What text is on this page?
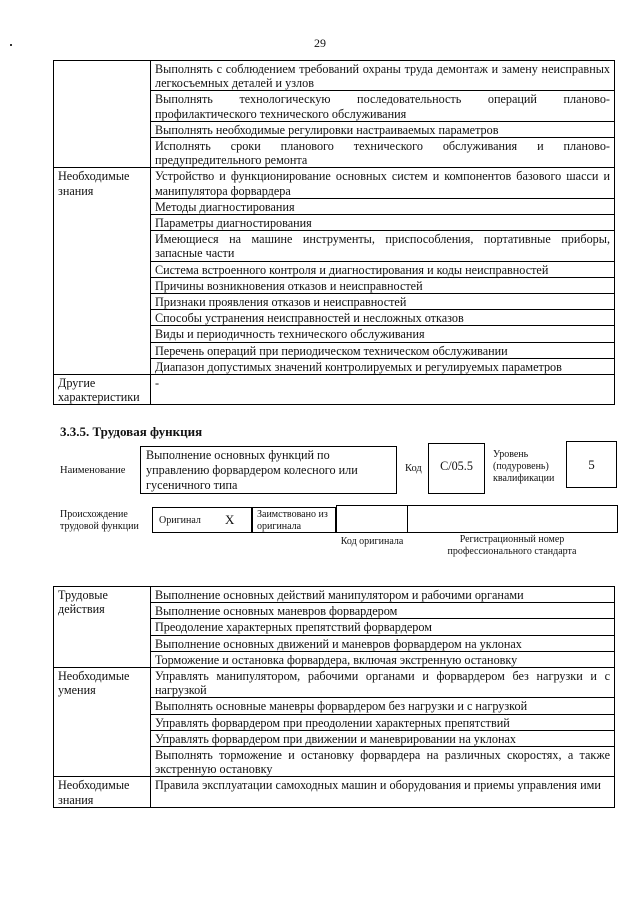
29
	Выполнять с соблюдением требований охраны труда демонтаж и замену неисправных легкосъемных деталей и узлов
	Выполнять технологическую последовательность операций планово-профилактического технического обслуживания
	Выполнять необходимые регулировки настраиваемых параметров
	Исполнять сроки планового технического обслуживания и планово-предупредительного ремонта
Необходимые знания	Устройство и функционирование основных систем и компонентов базового шасси и манипулятора форвардера
	Методы диагностирования
	Параметры диагностирования
	Имеющиеся на машине инструменты, приспособления, портативные приборы, запасные части
	Система встроенного контроля и диагностирования и коды неисправностей
	Причины возникновения отказов и неисправностей
	Признаки проявления отказов и неисправностей
	Способы устранения неисправностей и несложных отказов
	Виды и периодичность технического обслуживания
	Перечень операций при периодическом техническом обслуживании
	Диапазон допустимых значений контролируемых и регулируемых параметров
Другие характеристики	-
3.3.5. Трудовая функция
Наименование
Выполнение основных функций по управлению форвардером колесного или гусеничного типа
Код	C/05.5
Уровень (подуровень) квалификации
5
Происхождение трудовой функции
Оригинал X Заимствовано из оригинала
Код оригинала	Регистрационный номер профессионального стандарта
Трудовые действия	Выполнение основных действий манипулятором и рабочими органами
	Выполнение основных маневров форвардером
	Преодоление характерных препятствий форвардером
	Выполнение основных движений и маневров форвардером на уклонах
	Торможение и остановка форвардера, включая экстренную остановку
Необходимые умения	Управлять манипулятором, рабочими органами и форвардером без нагрузки и с нагрузкой
	Выполнять основные маневры форвардером без нагрузки и с нагрузкой
	Управлять форвардером при преодолении характерных препятствий
	Управлять форвардером при движении и маневрировании на уклонах
	Выполнять торможение и остановку форвардера на различных скоростях, а также экстренную остановку
Необходимые знания	Правила эксплуатации самоходных машин и оборудования и приемы управления ими
